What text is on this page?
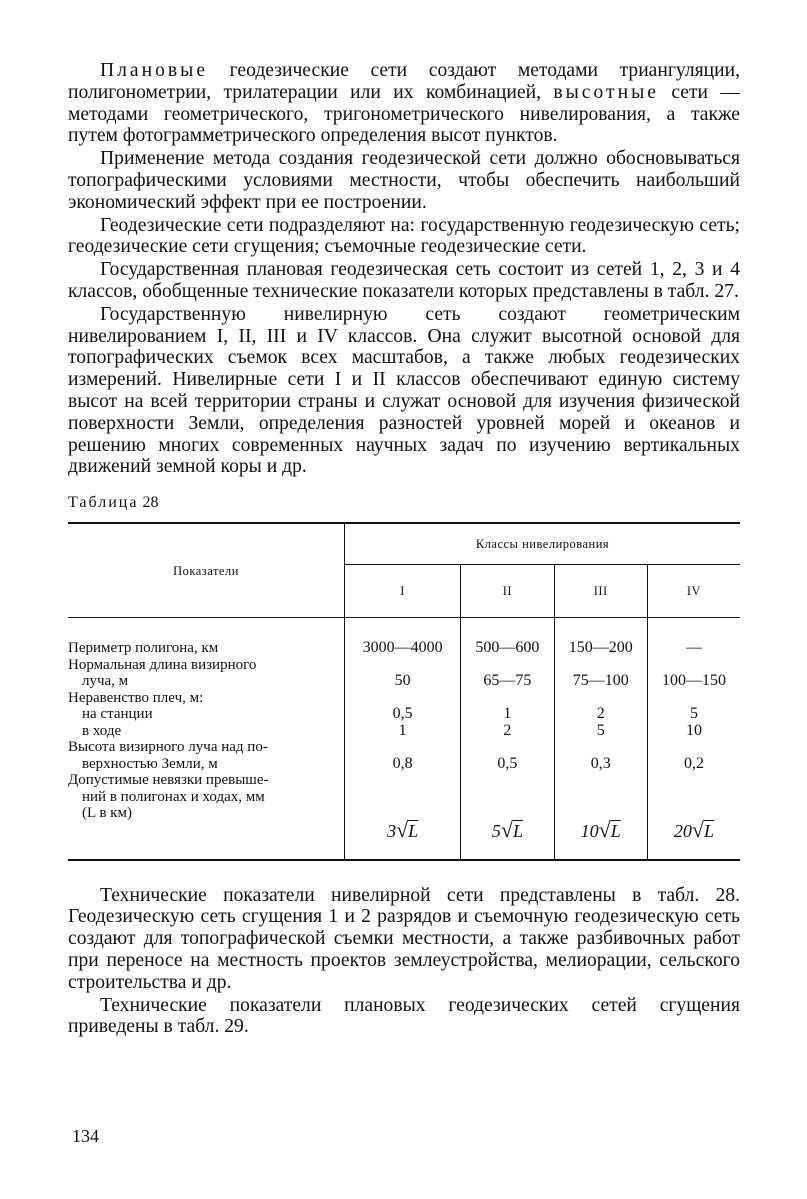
Плановые геодезические сети создают методами триангуляции, полигонометрии, трилатерации или их комбинацией, высотные сети — методами геометрического, тригонометрического нивелирования, а также путем фотограмметрического определения высот пунктов.

Применение метода создания геодезической сети должно обосновываться топографическими условиями местности, чтобы обеспечить наибольший экономический эффект при ее построении.

Геодезические сети подразделяют на: государственную геодезическую сеть; геодезические сети сгущения; съемочные геодезические сети.

Государственная плановая геодезическая сеть состоит из сетей 1, 2, 3 и 4 классов, обобщенные технические показатели которых представлены в табл. 27.

Государственную нивелирную сеть создают геометрическим нивелированием I, II, III и IV классов. Она служит высотной основой для топографических съемок всех масштабов, а также любых геодезических измерений. Нивелирные сети I и II классов обеспечивают единую систему высот на всей территории страны и служат основой для изучения физической поверхности Земли, определения разностей уровней морей и океанов и решению многих современных научных задач по изучению вертикальных движений земной коры и др.

Таблица 28
Показатели	Классы нивелирования			
	I	II	III	IV

Периметр полигона, км	3000—4000	500—600	150—200	—
Нормальная длина визирного				
луча, м	50	65—75	75—100	100—150
Неравенство плеч, м:				
на станции	0,5	1	2	5
в ходе	1	2	5	10
Высота визирного луча над по-				
верхностью Земли, м	0,8	0,5	0,3	0,2
Допустимые невязки превыше-				
ний в полигонах и ходах, мм				
(L в км)				
	3√L	5√L	10√L	20√L

Технические показатели нивелирной сети представлены в табл. 28. Геодезическую сеть сгущения 1 и 2 разрядов и съемочную геодезическую сеть создают для топографической съемки местности, а также разбивочных работ при переносе на местность проектов землеустройства, мелиорации, сельского строительства и др.

Технические показатели плановых геодезических сетей сгущения приведены в табл. 29.

134
